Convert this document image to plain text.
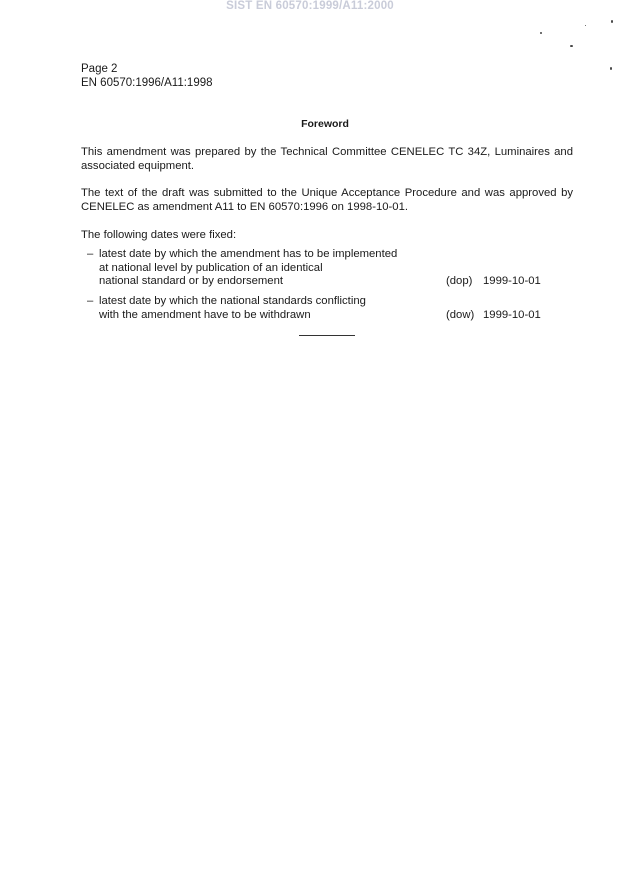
SIST EN 60570:1999/A11:2000
Page 2
EN 60570:1996/A11:1998
Foreword
This amendment was prepared by the Technical Committee CENELEC TC 34Z, Luminaires and associated equipment.
The text of the draft was submitted to the Unique Acceptance Procedure and was approved by CENELEC as amendment A11 to EN 60570:1996 on 1998-10-01.
The following dates were fixed:
– latest date by which the amendment has to be implemented
at national level by publication of an identical
national standard or by endorsement	(dop) 1999-10-01
– latest date by which the national standards conflicting
with the amendment have to be withdrawn	(dow) 1999-10-01
